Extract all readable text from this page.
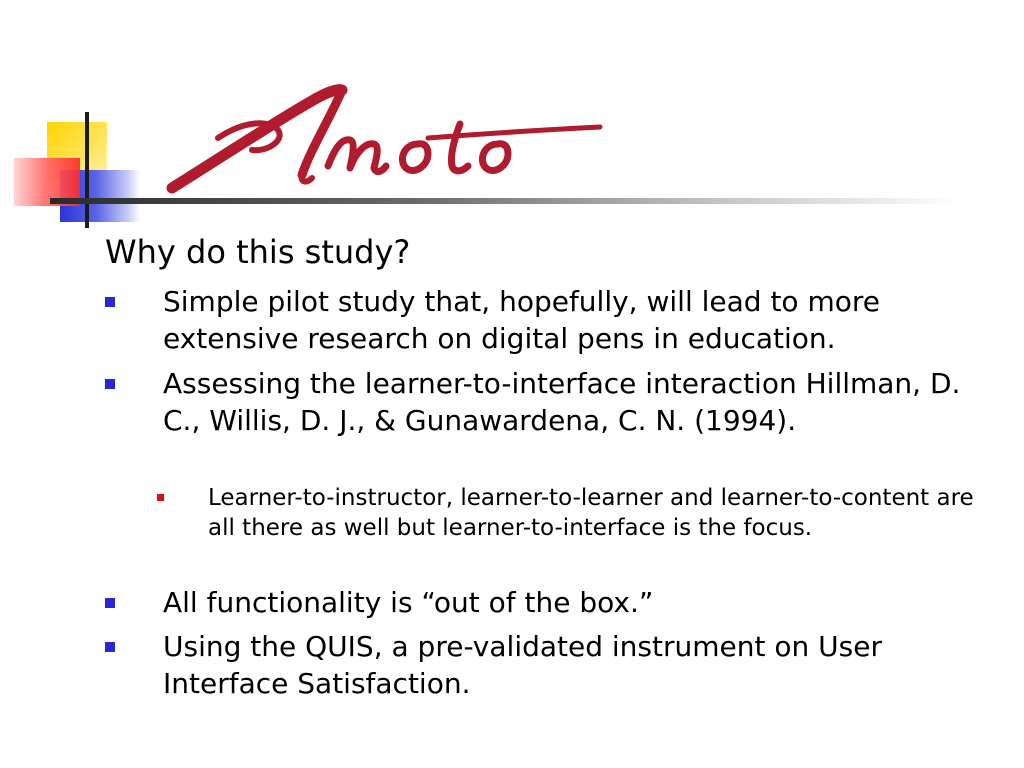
Why do this study?
Simple pilot study that, hopefully, will lead to more extensive research on digital pens in education.
Assessing the learner-to-interface interaction Hillman, D. C., Willis, D. J., & Gunawardena, C. N. (1994).
Learner-to-instructor, learner-to-learner and learner-to-content are all there as well but learner-to-interface is the focus.
All functionality is “out of the box.”
Using the QUIS, a pre-validated instrument on User Interface Satisfaction.
